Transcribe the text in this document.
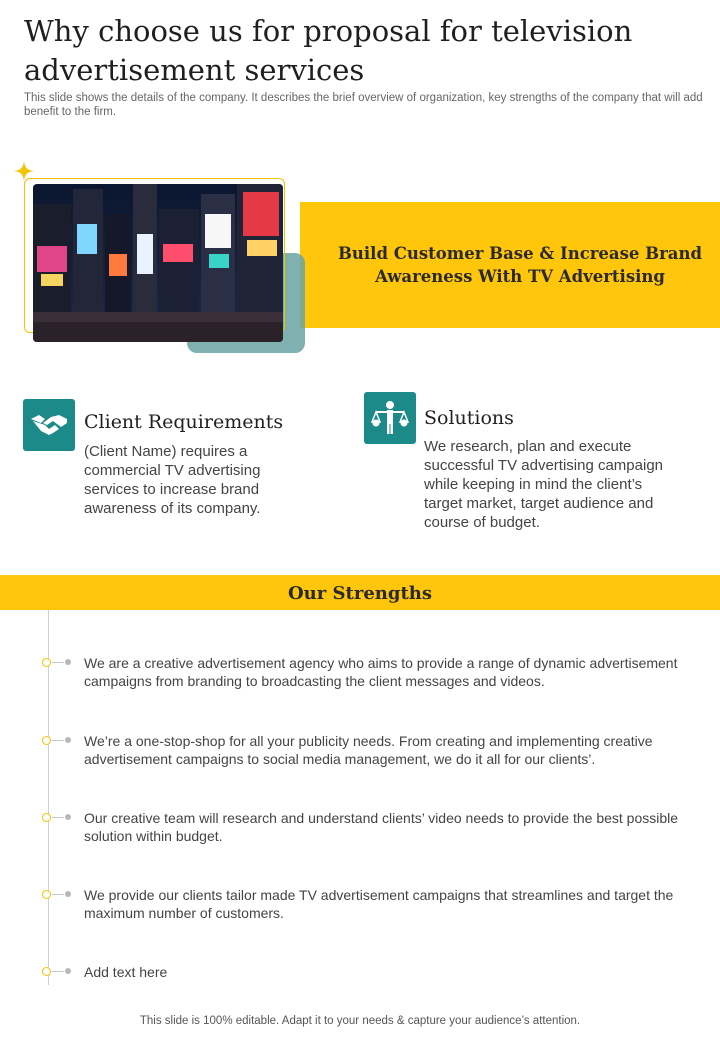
Why choose us for proposal for television advertisement services
This slide shows the details of the company. It describes the brief overview of organization, key strengths of the company that will add benefit to the firm.
Build Customer Base & Increase Brand Awareness With TV Advertising
Client Requirements
(Client Name) requires a commercial TV advertising services to increase brand awareness of its company.
Solutions
We research, plan and execute successful TV advertising campaign while keeping in mind the client’s target market, target audience and course of budget.
Our Strengths
We are a creative advertisement agency who aims to provide a range of dynamic advertisement campaigns from branding to broadcasting the client messages and videos.
We’re a one-stop-shop for all your publicity needs. From creating and implementing creative advertisement campaigns to social media management, we do it all for our clients’.
Our creative team will research and understand clients’ video needs to provide the best possible solution within budget.
We provide our clients tailor made TV advertisement campaigns that streamlines and target the maximum number of customers.
Add text here
This slide is 100% editable. Adapt it to your needs & capture your audience’s attention.
